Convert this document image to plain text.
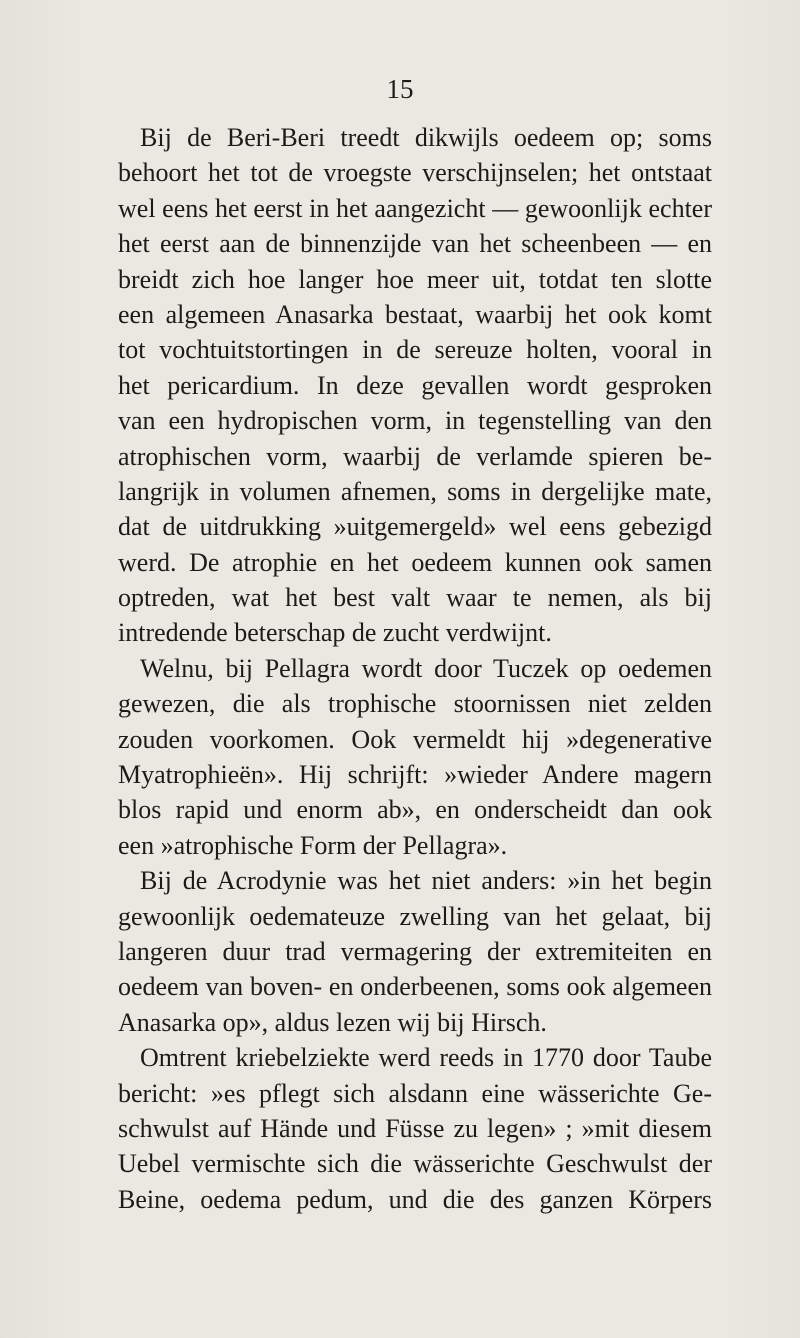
15
Bij de Beri-Beri treedt dikwijls oedeem op; soms
behoort het tot de vroegste verschijnselen; het ontstaat
wel eens het eerst in het aangezicht — gewoonlijk echter
het eerst aan de binnenzijde van het scheenbeen — en
breidt zich hoe langer hoe meer uit, totdat ten slotte
een algemeen Anasarka bestaat, waarbij het ook komt
tot vochtuitstortingen in de sereuze holten, vooral in
het pericardium. In deze gevallen wordt gesproken
van een hydropischen vorm, in tegenstelling van den
atrophischen vorm, waarbij de verlamde spieren be-
langrijk in volumen afnemen, soms in dergelijke mate,
dat de uitdrukking »uitgemergeld» wel eens gebezigd
werd. De atrophie en het oedeem kunnen ook samen
optreden, wat het best valt waar te nemen, als bij
intredende beterschap de zucht verdwijnt.
Welnu, bij Pellagra wordt door Tuczek op oedemen
gewezen, die als trophische stoornissen niet zelden
zouden voorkomen. Ook vermeldt hij »degenerative
Myatrophieën». Hij schrijft: »wieder Andere magern
blos rapid und enorm ab», en onderscheidt dan ook
een »atrophische Form der Pellagra».
Bij de Acrodynie was het niet anders: »in het begin
gewoonlijk oedemateuze zwelling van het gelaat, bij
langeren duur trad vermagering der extremiteiten en
oedeem van boven- en onderbeenen, soms ook algemeen
Anasarka op», aldus lezen wij bij Hirsch.
Omtrent kriebelziekte werd reeds in 1770 door Taube
bericht: »es pflegt sich alsdann eine wässerichte Ge-
schwulst auf Hände und Füsse zu legen» ; »mit diesem
Uebel vermischte sich die wässerichte Geschwulst der
Beine, oedema pedum, und die des ganzen Körpers
